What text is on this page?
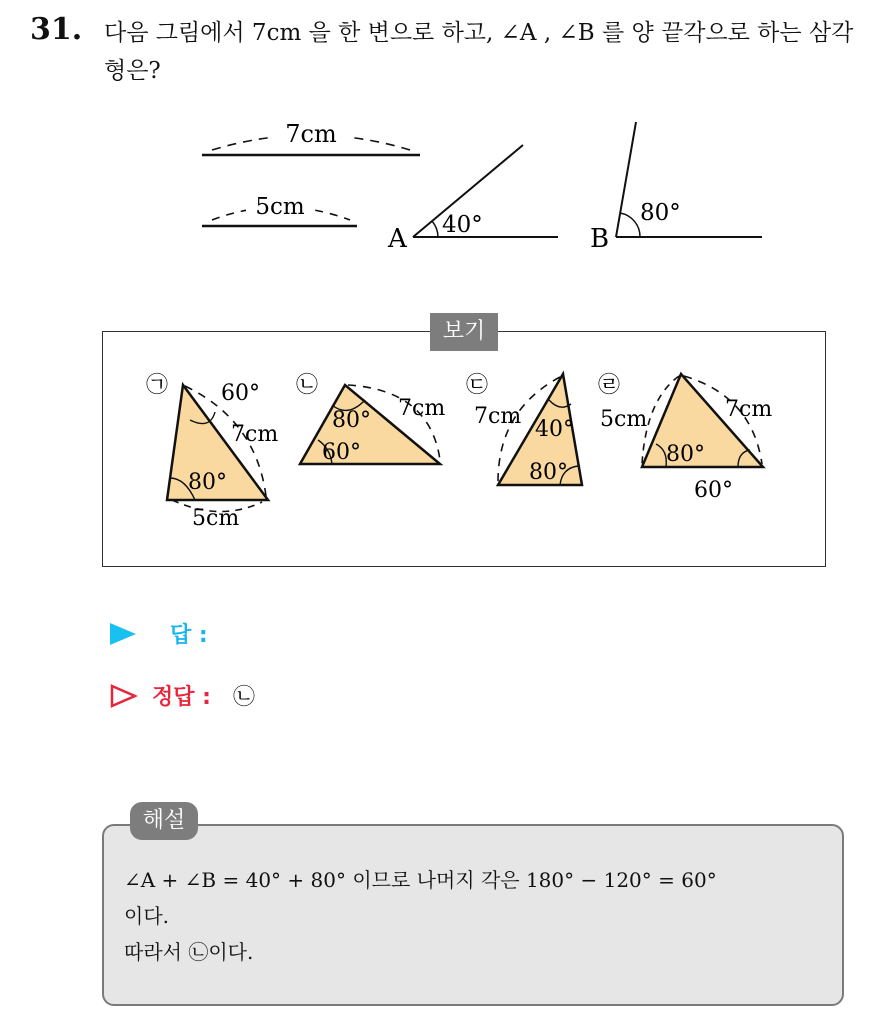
31. 다음 그림에서 7cm 을 한 변으로 하고, ∠A , ∠B 를 양 끝각으로 하는 삼각형은?
7cm
5cm
A 40°	B
80°
보기
㉠ 60°
7cm
80°
5cm
㉡
7cm
80°
60°
㉢
7cm
40°
80°
㉣
5cm	7cm
80°
60°
답 :
정답 : ㉡
해설
∠A + ∠B = 40° + 80° 이므로 나머지 각은 180° − 120° = 60°
이다.
따라서 ㉡이다.
